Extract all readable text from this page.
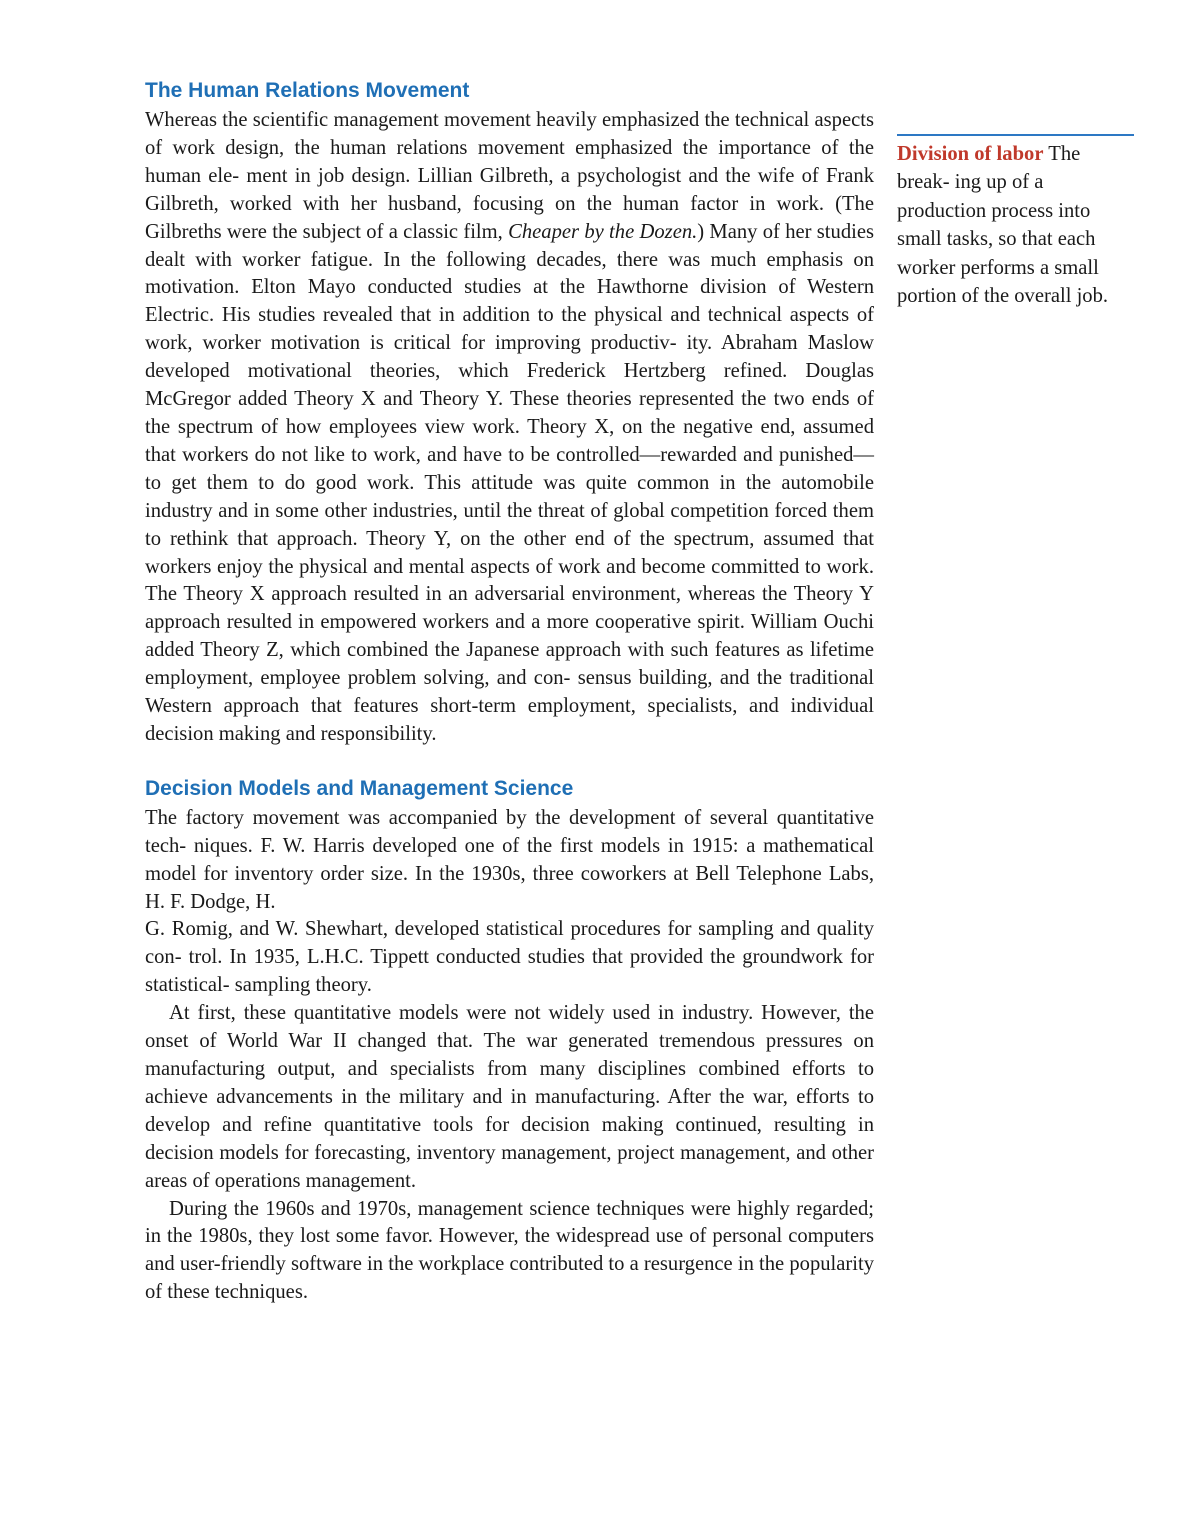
The Human Relations Movement

Whereas the scientific management movement heavily emphasized the technical aspects of work design, the human relations movement emphasized the importance of the human ele- ment in job design. Lillian Gilbreth, a psychologist and the wife of Frank Gilbreth, worked with her husband, focusing on the human factor in work. (The Gilbreths were the subject of a classic film, Cheaper by the Dozen.) Many of her studies dealt with worker fatigue. In the following decades, there was much emphasis on motivation. Elton Mayo conducted studies at the Hawthorne division of Western Electric. His studies revealed that in addition to the physical and technical aspects of work, worker motivation is critical for improving productiv- ity. Abraham Maslow developed motivational theories, which Frederick Hertzberg refined. Douglas McGregor added Theory X and Theory Y. These theories represented the two ends of the spectrum of how employees view work. Theory X, on the negative end, assumed that workers do not like to work, and have to be controlled—rewarded and punished—to get them to do good work. This attitude was quite common in the automobile industry and in some other industries, until the threat of global competition forced them to rethink that approach. Theory Y, on the other end of the spectrum, assumed that workers enjoy the physical and mental aspects of work and become committed to work. The Theory X approach resulted in an adversarial environment, whereas the Theory Y approach resulted in empowered workers and a more cooperative spirit. William Ouchi added Theory Z, which combined the Japanese approach with such features as lifetime employment, employee problem solving, and con- sensus building, and the traditional Western approach that features short-term employment, specialists, and individual decision making and responsibility.

Decision Models and Management Science

The factory movement was accompanied by the development of several quantitative tech- niques. F. W. Harris developed one of the first models in 1915: a mathematical model for inventory order size. In the 1930s, three coworkers at Bell Telephone Labs, H. F. Dodge, H.

G. Romig, and W. Shewhart, developed statistical procedures for sampling and quality con- trol. In 1935, L.H.C. Tippett conducted studies that provided the groundwork for statistical- sampling theory.

At first, these quantitative models were not widely used in industry. However, the onset of World War II changed that. The war generated tremendous pressures on manufacturing output, and specialists from many disciplines combined efforts to achieve advancements in the military and in manufacturing. After the war, efforts to develop and refine quantitative tools for decision making continued, resulting in decision models for forecasting, inventory management, project management, and other areas of operations management.

During the 1960s and 1970s, management science techniques were highly regarded; in the 1980s, they lost some favor. However, the widespread use of personal computers and user-friendly software in the workplace contributed to a resurgence in the popularity of these techniques.

Division of labor The break- ing up of a production process into small tasks, so that each worker performs a small portion of the overall job.
